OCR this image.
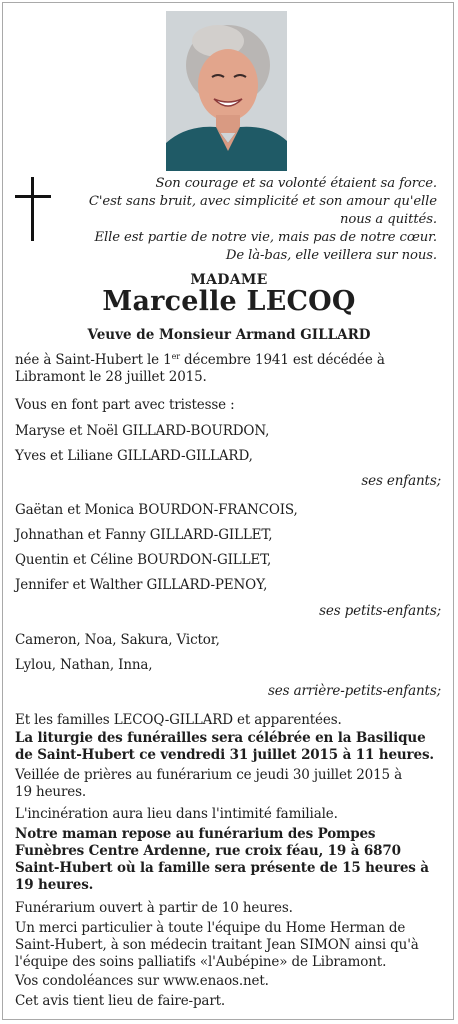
Son courage et sa volonté étaient sa force.
C'est sans bruit, avec simplicité et son amour qu'elle
nous a quittés.
Elle est partie de notre vie, mais pas de notre cœur.
De là-bas, elle veillera sur nous.
MADAME
Marcelle LECOQ
Veuve de Monsieur Armand GILLARD
née à Saint-Hubert le 1er décembre 1941 est décédée à
Libramont le 28 juillet 2015.
Vous en font part avec tristesse :
Maryse et Noël GILLARD-BOURDON,
Yves et Liliane GILLARD-GILLARD,
ses enfants;
Gaëtan et Monica BOURDON-FRANCOIS,
Johnathan et Fanny GILLARD-GILLET,
Quentin et Céline BOURDON-GILLET,
Jennifer et Walther GILLARD-PENOY,
ses petits-enfants;
Cameron, Noa, Sakura, Victor,
Lylou, Nathan, Inna,
ses arrière-petits-enfants;
Et les familles LECOQ-GILLARD et apparentées.
La liturgie des funérailles sera célébrée en la Basilique
de Saint-Hubert ce vendredi 31 juillet 2015 à 11 heures.
Veillée de prières au funérarium ce jeudi 30 juillet 2015 à
19 heures.
L'incinération aura lieu dans l'intimité familiale.
Notre maman repose au funérarium des Pompes
Funèbres Centre Ardenne, rue croix féau, 19 à 6870
Saint-Hubert où la famille sera présente de 15 heures à
19 heures.
Funérarium ouvert à partir de 10 heures.
Un merci particulier à toute l'équipe du Home Herman de
Saint-Hubert, à son médecin traitant Jean SIMON ainsi qu'à
l'équipe des soins palliatifs «l'Aubépine» de Libramont.
Vos condoléances sur www.enaos.net.
Cet avis tient lieu de faire-part.
